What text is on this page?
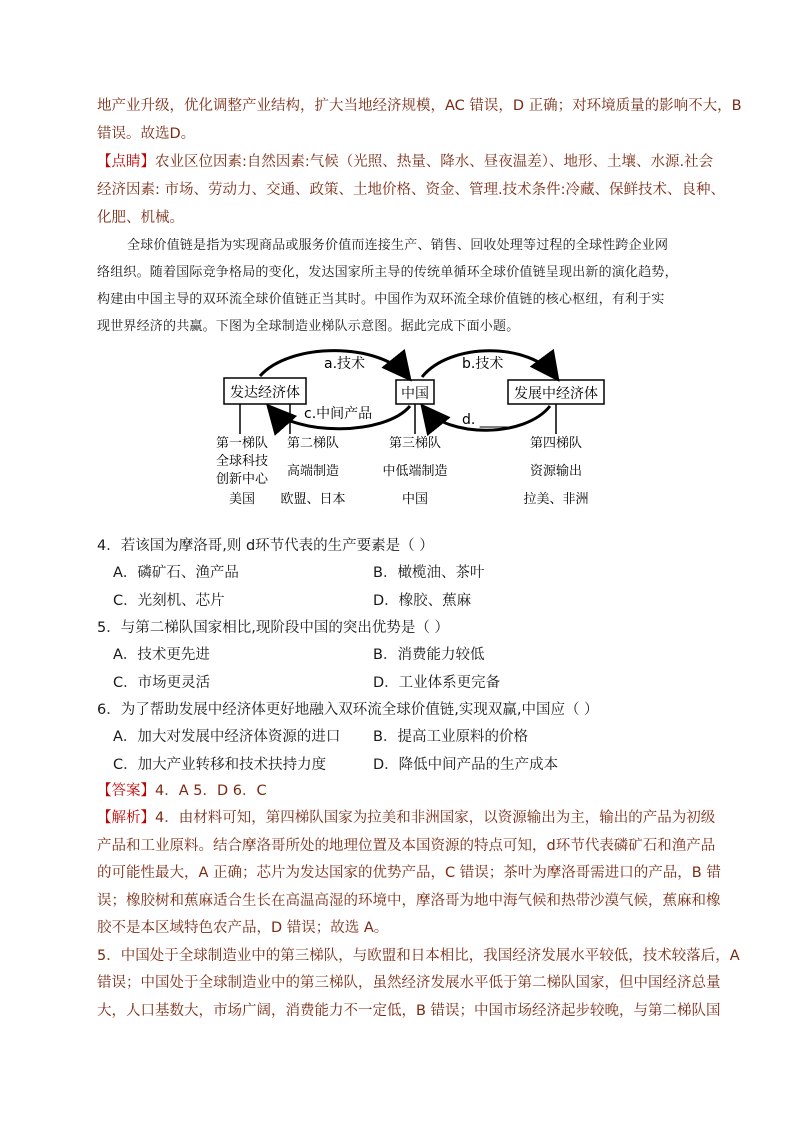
地产业升级，优化调整产业结构，扩大当地经济规模，AC 错误，D 正确；对环境质量的影响不大，B
错误。故选D。
【点睛】农业区位因素:自然因素:气候（光照、热量、降水、昼夜温差）、地形、土壤、水源.社会
经济因素: 市场、劳动力、交通、政策、土地价格、资金、管理.技术条件:冷藏、保鲜技术、良种、
化肥、机械。
全球价值链是指为实现商品或服务价值而连接生产、销售、回收处理等过程的全球性跨企业网
络组织。随着国际竞争格局的变化，发达国家所主导的传统单循环全球价值链呈现出新的演化趋势，
构建由中国主导的双环流全球价值链正当其时。中国作为双环流全球价值链的核心枢纽，有利于实
现世界经济的共赢。下图为全球制造业梯队示意图。据此完成下面小题。
发达经济体	中国	发展中经济体
a.技术
c.中间产品
b.技术
d. ____
第一梯队
全球科技
创新中心
美国
第二梯队
高端制造
欧盟、日本
第三梯队
中低端制造
中国
第四梯队
资源输出
拉美、非洲
4．若该国为摩洛哥,则 d环节代表的生产要素是（ ）
A．磷矿石、渔产品	B．橄榄油、茶叶
C．光刻机、芯片	D．橡胶、蕉麻
5．与第二梯队国家相比,现阶段中国的突出优势是（ ）
A．技术更先进	B．消费能力较低
C．市场更灵活	D．工业体系更完备
6．为了帮助发展中经济体更好地融入双环流全球价值链,实现双赢,中国应（ ）
A．加大对发展中经济体资源的进口 B．提高工业原料的价格
C．加大产业转移和技术扶持力度	D．降低中间产品的生产成本
【答案】4．A 5．D 6．C
【解析】4．由材料可知，第四梯队国家为拉美和非洲国家，以资源输出为主，输出的产品为初级
产品和工业原料。结合摩洛哥所处的地理位置及本国资源的特点可知，d环节代表磷矿石和渔产品
的可能性最大，A 正确；芯片为发达国家的优势产品，C 错误；茶叶为摩洛哥需进口的产品，B 错
误；橡胶树和蕉麻适合生长在高温高湿的环境中，摩洛哥为地中海气候和热带沙漠气候，蕉麻和橡
胶不是本区域特色农产品，D 错误；故选 A。
5．中国处于全球制造业中的第三梯队，与欧盟和日本相比，我国经济发展水平较低，技术较落后，A
错误；中国处于全球制造业中的第三梯队，虽然经济发展水平低于第二梯队国家，但中国经济总量
大，人口基数大，市场广阔，消费能力不一定低，B 错误；中国市场经济起步较晚，与第二梯队国
